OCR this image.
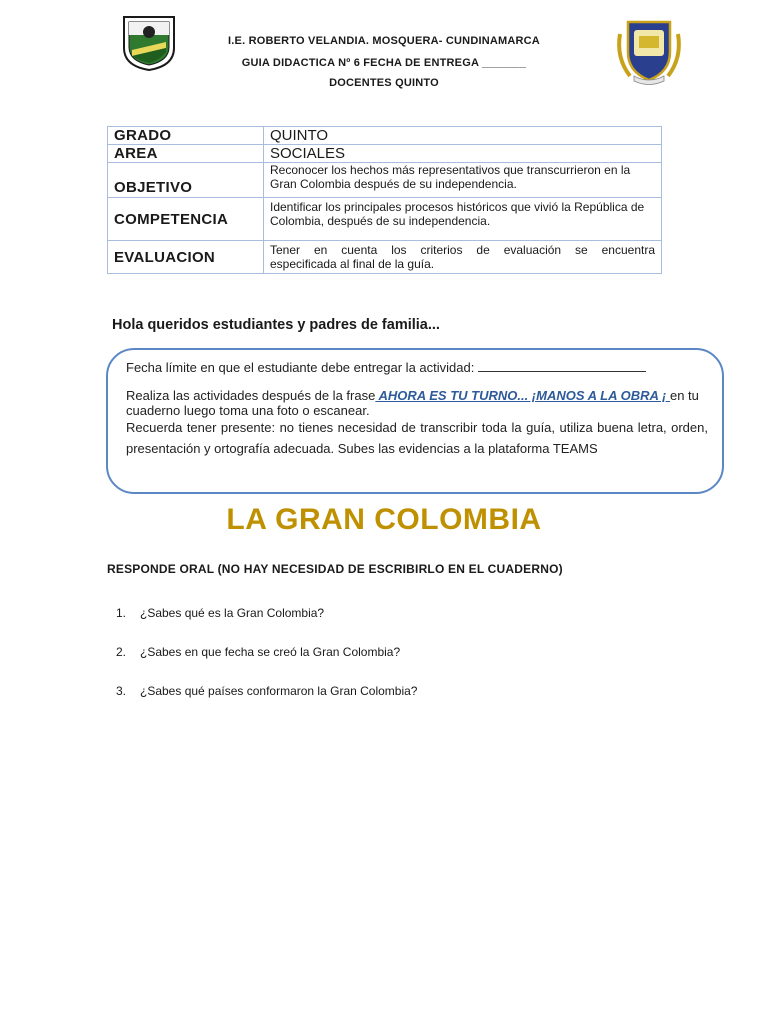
I.E. ROBERTO VELANDIA. MOSQUERA- CUNDINAMARCA
GUIA DIDACTICA Nº 6 FECHA DE ENTREGA _______
DOCENTES QUINTO
GRADO	QUINTO
AREA	SOCIALES
OBJETIVO	Reconocer los hechos más representativos que transcurrieron en la Gran Colombia después de su independencia.
COMPETENCIA	Identificar los principales procesos históricos que vivió la República de Colombia, después de su independencia.
EVALUACION	Tener en cuenta los criterios de evaluación se encuentra
especificada al final de la guía.
Hola queridos estudiantes y padres de familia...
Fecha límite en que el estudiante debe entregar la actividad:
Realiza las actividades después de la frase AHORA ES TU TURNO... ¡MANOS A LA OBRA ¡ en tu cuaderno luego toma una foto o escanear.
Recuerda tener presente: no tienes necesidad de transcribir toda la guía, utiliza buena letra, orden, presentación y ortografía adecuada. Subes las evidencias a la plataforma TEAMS
LA GRAN COLOMBIA
RESPONDE ORAL (NO HAY NECESIDAD DE ESCRIBIRLO EN EL CUADERNO)
1. ¿Sabes qué es la Gran Colombia?
2. ¿Sabes en que fecha se creó la Gran Colombia?
3. ¿Sabes qué países conformaron la Gran Colombia?
